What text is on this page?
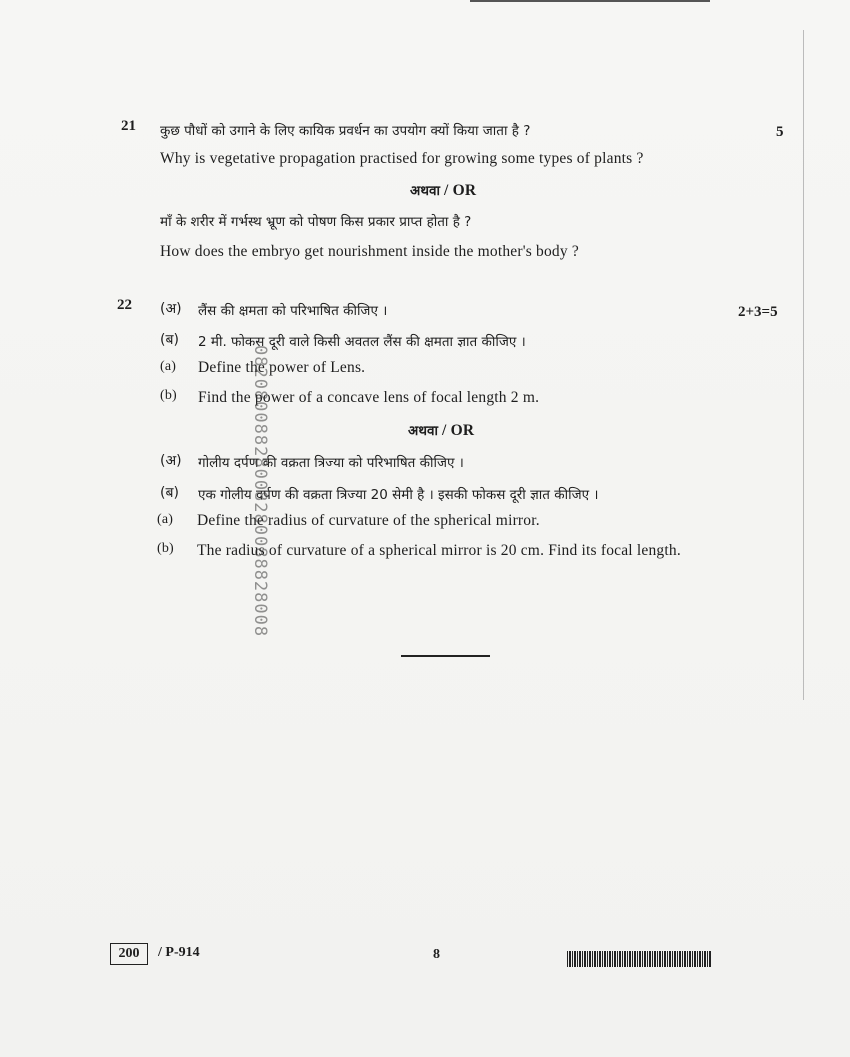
21	5
कुछ पौधों को उगाने के लिए कायिक प्रवर्धन का उपयोग क्यों किया जाता है ?
Why is vegetative propagation practised for growing some types of plants ?
अथवा / OR
माँ के शरीर में गर्भस्थ भ्रूण को पोषण किस प्रकार प्राप्त होता है ?
How does the embryo get nourishment inside the mother's body ?
22	2+3=5
(अ) लैंस की क्षमता को परिभाषित कीजिए ।
(ब) 2 मी. फोकस दूरी वाले किसी अवतल लैंस की क्षमता ज्ञात कीजिए ।
(a) Define the power of Lens.
(b) Find the power of a concave lens of focal length 2 m.
अथवा / OR
(अ) गोलीय दर्पण की वक्रता त्रिज्या को परिभाषित कीजिए ।
(ब) एक गोलीय दर्पण की वक्रता त्रिज्या 20 सेमी है । इसकी फोकस दूरी ज्ञात कीजिए ।
(a) Define the radius of curvature of the spherical mirror.
(b) The radius of curvature of a spherical mirror is 20 cm. Find its focal length.
08208008828008280088828008
200	/ P-914	8
